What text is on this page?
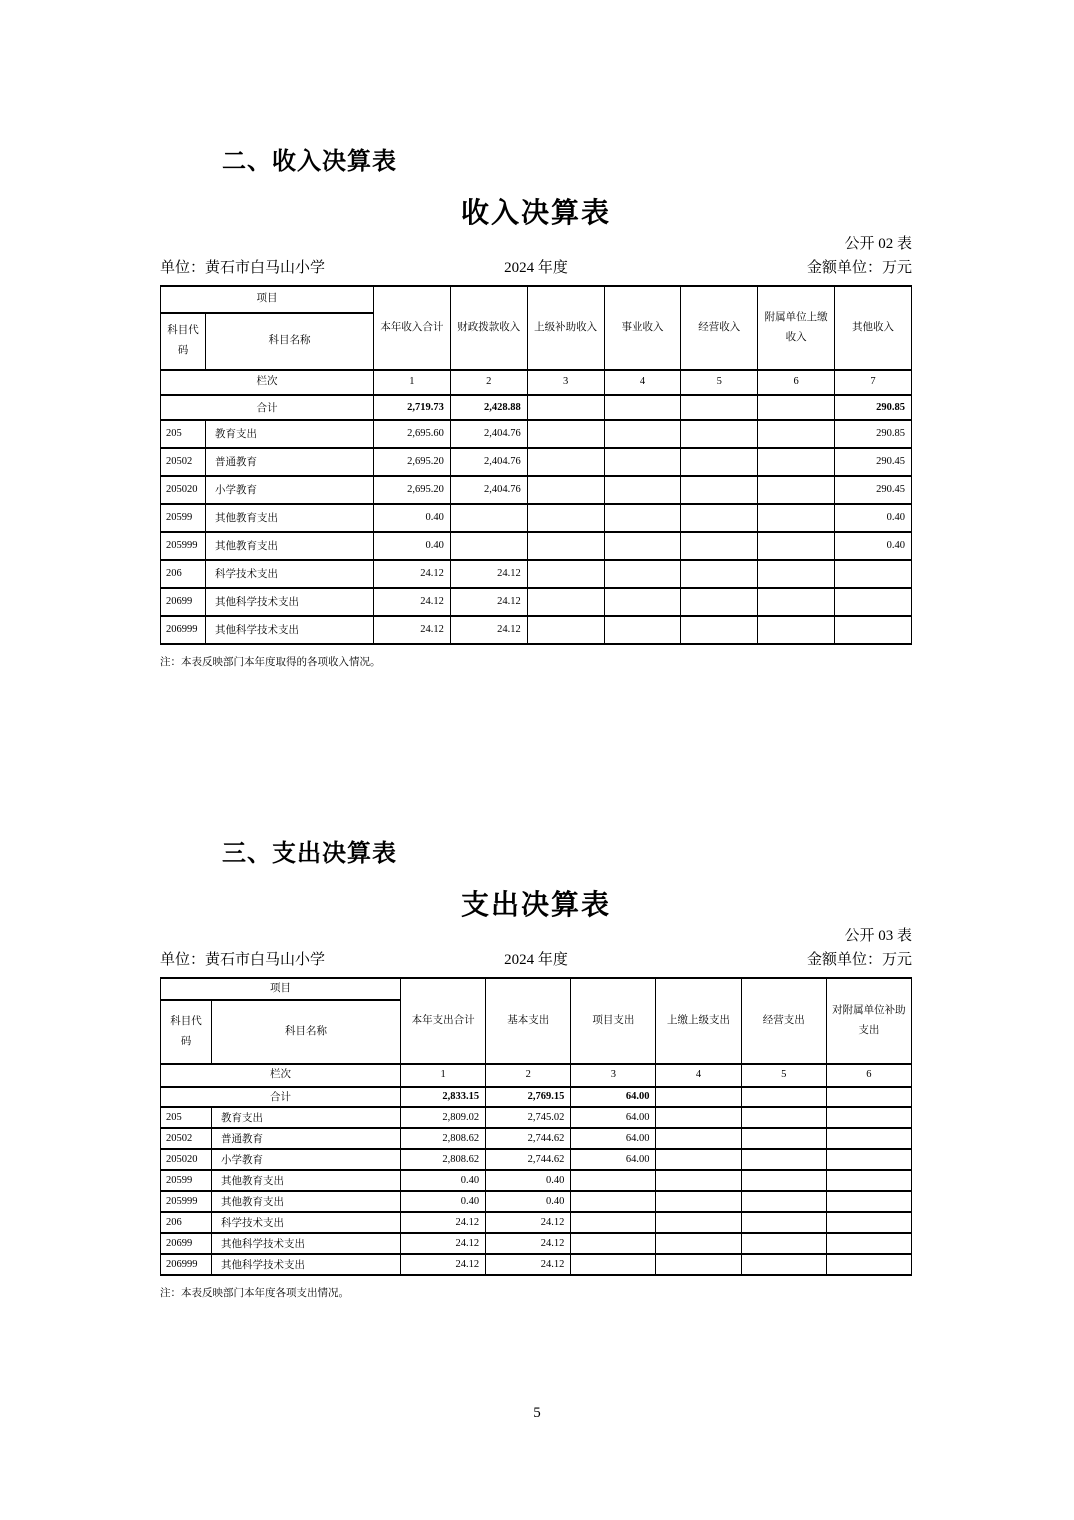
二、收入决算表
收入决算表
公开 02 表
单位：黄石市白马山小学	2024 年度	金额单位：万元
项目		本年收入合计	财政拨款收入	上级补助收入	事业收入	经营收入	附属单位上缴收入	其他收入
科目代码	科目名称							
栏次		1	2	3	4	5	6	7
合计		2,719.73	2,428.88					290.85
205	教育支出	2,695.60	2,404.76					290.85
20502	普通教育	2,695.20	2,404.76					290.45
205020	小学教育	2,695.20	2,404.76					290.45
20599	其他教育支出	0.40						0.40
205999	其他教育支出	0.40						0.40
206	科学技术支出	24.12	24.12					
20699	其他科学技术支出	24.12	24.12					
206999	其他科学技术支出	24.12	24.12					
注：本表反映部门本年度取得的各项收入情况。
三、支出决算表
支出决算表
公开 03 表
单位：黄石市白马山小学	2024 年度	金额单位：万元
项目		本年支出合计	基本支出	项目支出	上缴上级支出	经营支出	对附属单位补助支出
科目代码	科目名称						
栏次		1	2	3	4	5	6
合计		2,833.15	2,769.15	64.00			
205	教育支出	2,809.02	2,745.02	64.00			
20502	普通教育	2,808.62	2,744.62	64.00			
205020	小学教育	2,808.62	2,744.62	64.00			
20599	其他教育支出	0.40	0.40				
205999	其他教育支出	0.40	0.40				
206	科学技术支出	24.12	24.12				
20699	其他科学技术支出	24.12	24.12				
206999	其他科学技术支出	24.12	24.12				
注：本表反映部门本年度各项支出情况。
5
